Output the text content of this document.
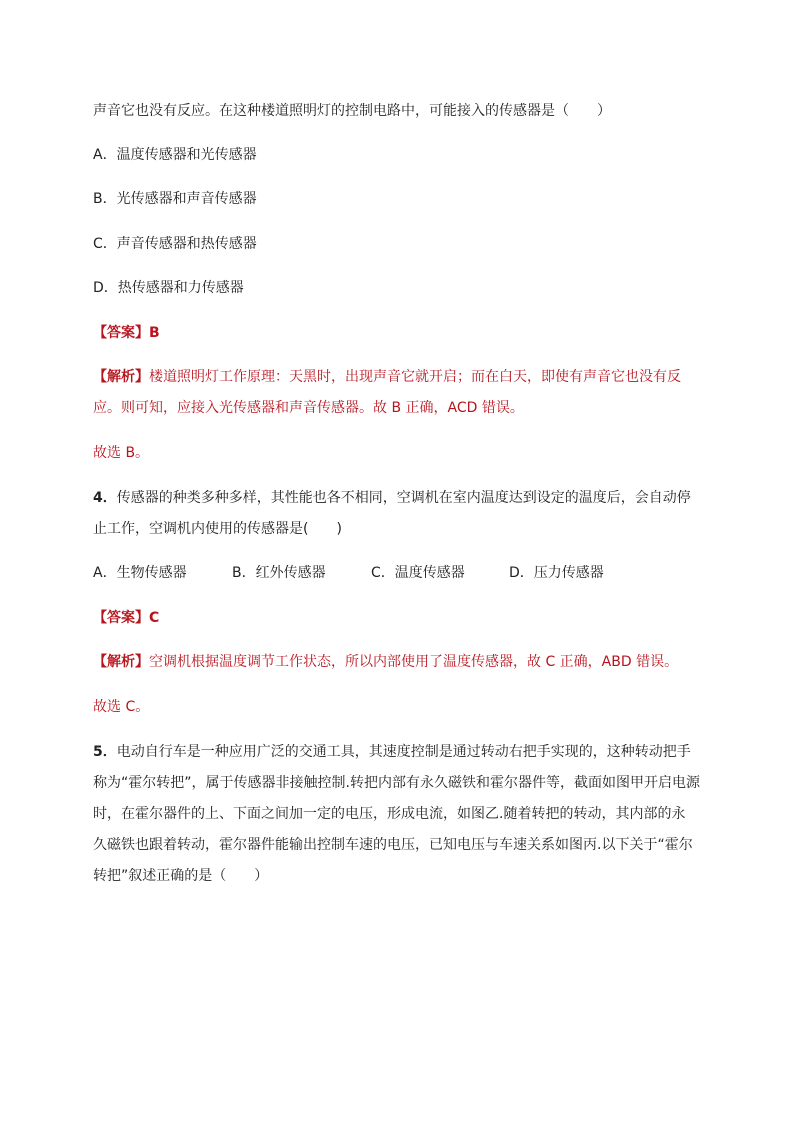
声音它也没有反应。在这种楼道照明灯的控制电路中，可能接入的传感器是（　　）
A．温度传感器和光传感器
B．光传感器和声音传感器
C．声音传感器和热传感器
D．热传感器和力传感器
【答案】B
【解析】楼道照明灯工作原理：天黑时，出现声音它就开启；而在白天，即使有声音它也没有反
应。则可知，应接入光传感器和声音传感器。故 B 正确，ACD 错误。
故选 B。
4．传感器的种类多种多样，其性能也各不相同，空调机在室内温度达到设定的温度后，会自动停
止工作，空调机内使用的传感器是(　　)
A．生物传感器	B．红外传感器	C．温度传感器	D．压力传感器
【答案】C
【解析】空调机根据温度调节工作状态，所以内部使用了温度传感器，故 C 正确，ABD 错误。
故选 C。
5．电动自行车是一种应用广泛的交通工具，其速度控制是通过转动右把手实现的，这种转动把手
称为“霍尔转把”，属于传感器非接触控制.转把内部有永久磁铁和霍尔器件等，截面如图甲开启电源
时，在霍尔器件的上、下面之间加一定的电压，形成电流，如图乙.随着转把的转动，其内部的永
久磁铁也跟着转动，霍尔器件能输出控制车速的电压，已知电压与车速关系如图丙.以下关于“霍尔
转把”叙述正确的是（　　）
